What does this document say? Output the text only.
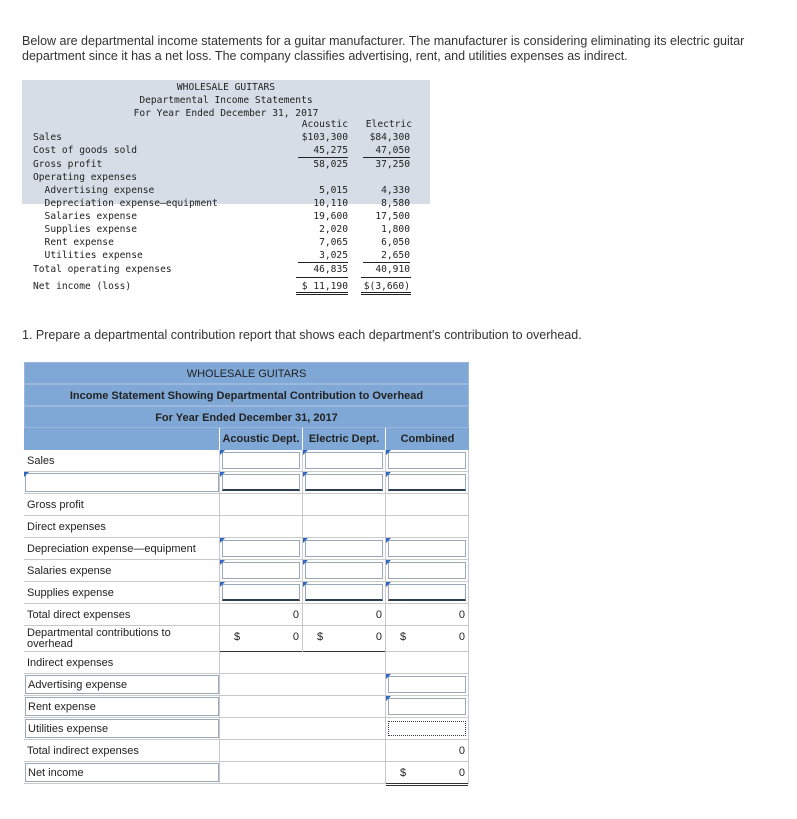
Below are departmental income statements for a guitar manufacturer. The manufacturer is considering eliminating its electric guitar department since it has a net loss. The company classifies advertising, rent, and utilities expenses as indirect.
WHOLESALE GUITARS
Departmental Income Statements
For Year Ended December 31, 2017
Acoustic Electric
Sales	$103,300	$84,300
Cost of goods sold	45,275	47,050
Gross profit	58,025	37,250
Operating expenses
Advertising expense	5,015	4,330
Depreciation expense—equipment	10,110	8,580
Salaries expense	19,600	17,500
Supplies expense	2,020	1,800
Rent expense	7,065	6,050
Utilities expense	3,025	2,650
Total operating expenses	46,835	40,910
Net income (loss)	$ 11,190	$(3,660)
1. Prepare a departmental contribution report that shows each department's contribution to overhead.
WHOLESALE GUITARS
Income Statement Showing Departmental Contribution to Overhead
For Year Ended December 31, 2017
Acoustic Dept. Electric Dept.	Combined
Sales
Gross profit
Direct expenses
Depreciation expense—equipment
Salaries expense
Supplies expense
Total direct expenses	0	0	0
Departmental contributions to overhead
$	0 $	0 $	0
Indirect expenses
Advertising expense
Rent expense
Utilities expense
Total indirect expenses	0
Net income	$	0
